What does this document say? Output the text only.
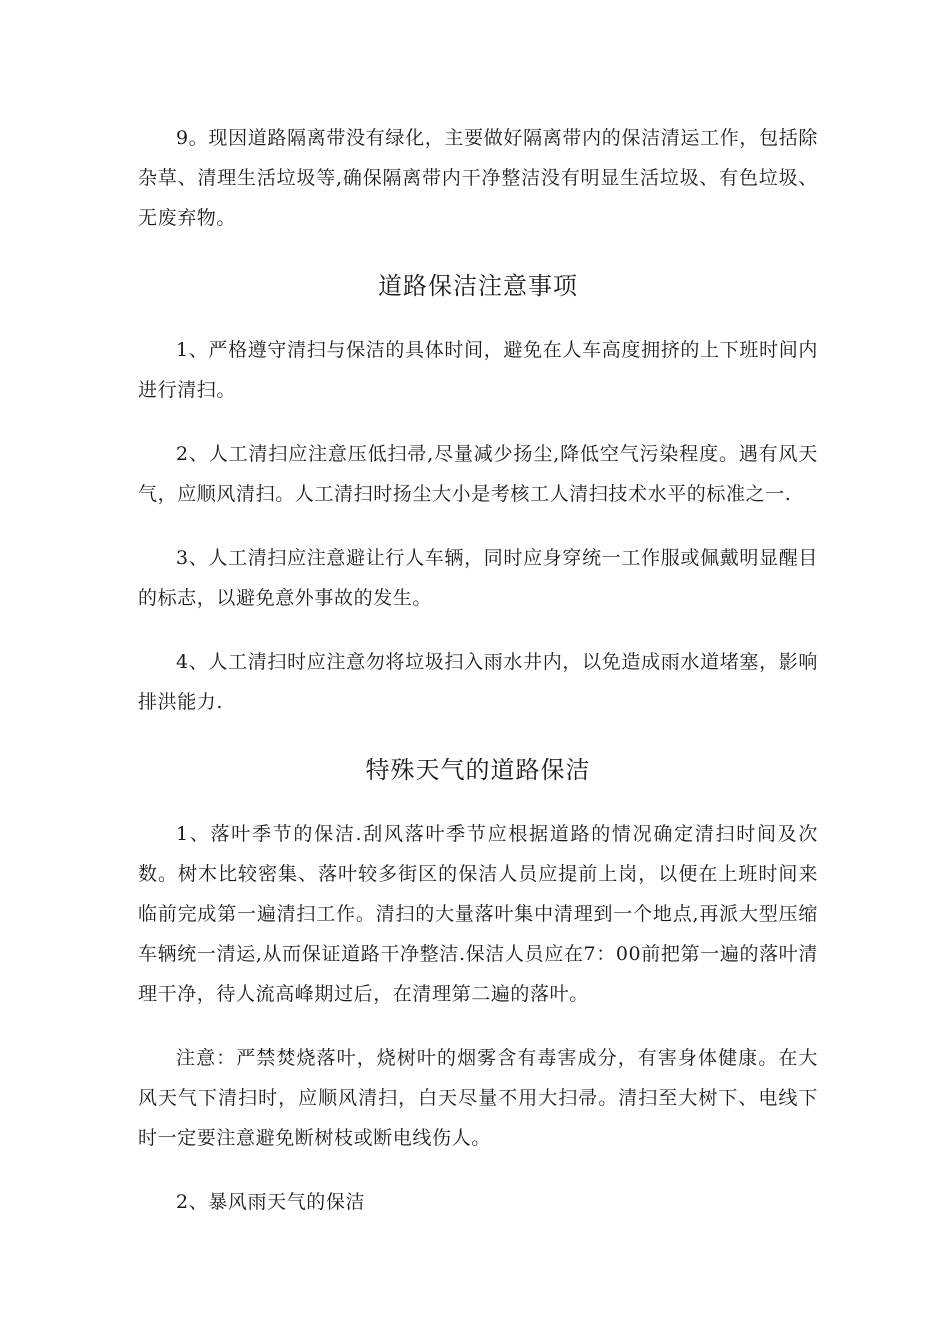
9。现因道路隔离带没有绿化，主要做好隔离带内的保洁清运工作，包括除杂草、清理生活垃圾等,确保隔离带内干净整洁没有明显生活垃圾、有色垃圾、无废弃物。

道路保洁注意事项

1、严格遵守清扫与保洁的具体时间，避免在人车高度拥挤的上下班时间内进行清扫。

2、人工清扫应注意压低扫帚,尽量减少扬尘,降低空气污染程度。遇有风天气，应顺风清扫。人工清扫时扬尘大小是考核工人清扫技术水平的标准之一.

3、人工清扫应注意避让行人车辆，同时应身穿统一工作服或佩戴明显醒目的标志，以避免意外事故的发生。

4、人工清扫时应注意勿将垃圾扫入雨水井内，以免造成雨水道堵塞，影响排洪能力.

特殊天气的道路保洁

1、落叶季节的保洁.刮风落叶季节应根据道路的情况确定清扫时间及次数。树木比较密集、落叶较多街区的保洁人员应提前上岗，以便在上班时间来临前完成第一遍清扫工作。清扫的大量落叶集中清理到一个地点,再派大型压缩车辆统一清运,从而保证道路干净整洁.保洁人员应在7：00前把第一遍的落叶清理干净，待人流高峰期过后，在清理第二遍的落叶。

注意：严禁焚烧落叶，烧树叶的烟雾含有毒害成分，有害身体健康。在大风天气下清扫时，应顺风清扫，白天尽量不用大扫帚。清扫至大树下、电线下时一定要注意避免断树枝或断电线伤人。

2、暴风雨天气的保洁
